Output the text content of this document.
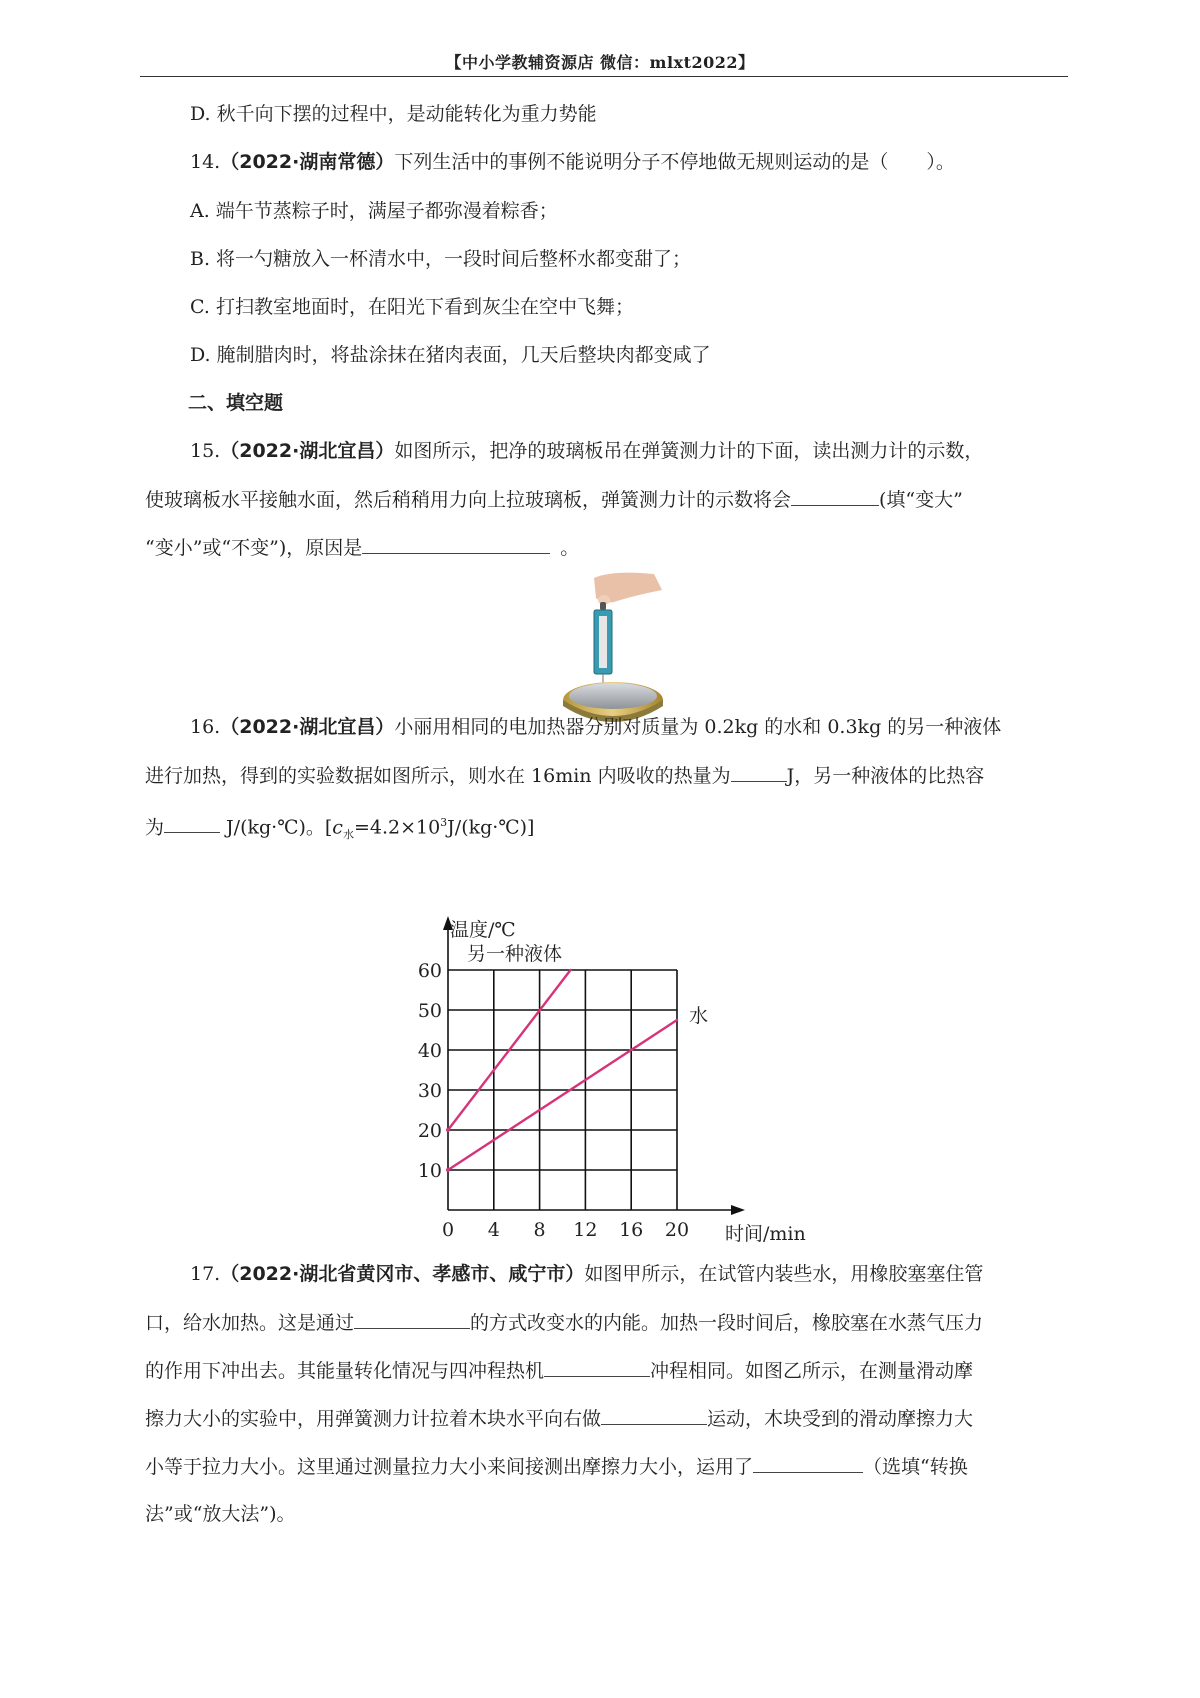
【中小学教辅资源店 微信：mlxt2022】
D. 秋千向下摆的过程中，是动能转化为重力势能
14.（2022·湖南常德）下列生活中的事例不能说明分子不停地做无规则运动的是（　　）。
A. 端午节蒸粽子时，满屋子都弥漫着粽香；
B. 将一勺糖放入一杯清水中，一段时间后整杯水都变甜了；
C. 打扫教室地面时，在阳光下看到灰尘在空中飞舞；
D. 腌制腊肉时，将盐涂抹在猪肉表面，几天后整块肉都变咸了
二、填空题
15.（2022·湖北宜昌）如图所示，把净的玻璃板吊在弹簧测力计的下面，读出测力计的示数，
使玻璃板水平接触水面，然后稍稍用力向上拉玻璃板，弹簧测力计的示数将会	(填“变大”
“变小”或“不变”)，原因是	。
16.（2022·湖北宜昌）小丽用相同的电加热器分别对质量为 0.2kg 的水和 0.3kg 的另一种液体
进行加热，得到的实验数据如图所示，则水在 16min 内吸收的热量为	J，另一种液体的比热容
为	J/(kg·℃)。$[c_水=4.2\times 10^3J/(kg\cdot℃)]$
0 4 8 12 16 20
10
20
30
40
50
60
温度/℃
时间/min
另一种液体
水
17.（2022·湖北省黄冈市、孝感市、咸宁市）如图甲所示，在试管内装些水，用橡胶塞塞住管
口，给水加热。这是通过	的方式改变水的内能。加热一段时间后，橡胶塞在水蒸气压力
的作用下冲出去。其能量转化情况与四冲程热机	冲程相同。如图乙所示，在测量滑动摩
擦力大小的实验中，用弹簧测力计拉着木块水平向右做	运动，木块受到的滑动摩擦力大
小等于拉力大小。这里通过测量拉力大小来间接测出摩擦力大小，运用了	（选填“转换
法”或“放大法”)。
